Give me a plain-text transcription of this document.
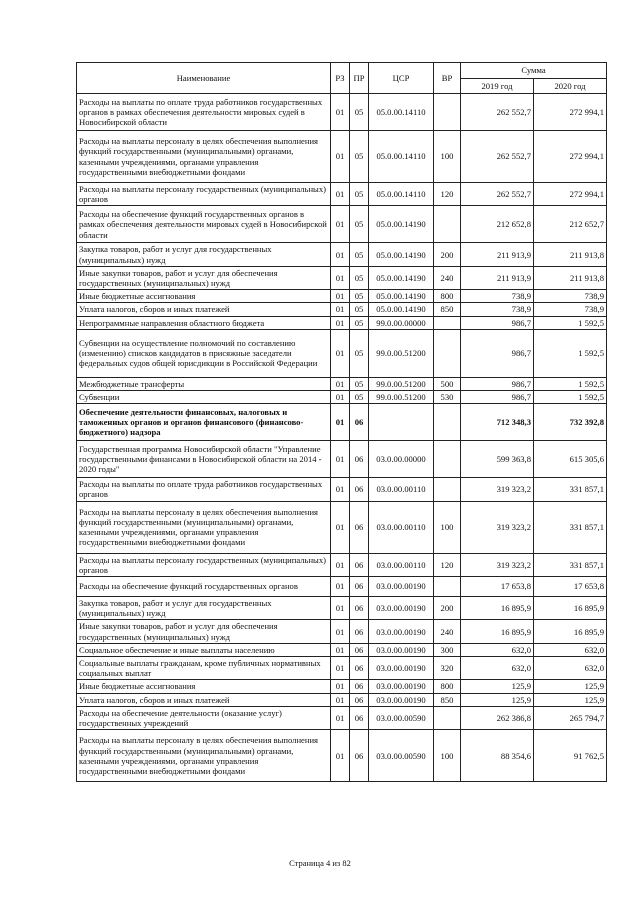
Наименование	РЗ	ПР	ЦСР	ВР	Сумма	
					2019 год	2020 год
Расходы на выплаты по оплате труда работников государственных органов в рамках обеспечения деятельности мировых судей в Новосибирской области	01	05	05.0.00.14110		262 552,7	272 994,1
Расходы на выплаты персоналу в целях обеспечения выполнения функций государственными (муниципальными) органами, казенными учреждениями, органами управления государственными внебюджетными фондами	01	05	05.0.00.14110	100	262 552,7	272 994,1
Расходы на выплаты персоналу государственных (муниципальных) органов	01	05	05.0.00.14110	120	262 552,7	272 994,1
Расходы на обеспечение функций государственных органов в рамках обеспечения деятельности мировых судей в Новосибирской области	01	05	05.0.00.14190		212 652,8	212 652,7
Закупка товаров, работ и услуг для государственных (муниципальных) нужд	01	05	05.0.00.14190	200	211 913,9	211 913,8
Иные закупки товаров, работ и услуг для обеспечения государственных (муниципальных) нужд	01	05	05.0.00.14190	240	211 913,9	211 913,8
Иные бюджетные ассигнования	01	05	05.0.00.14190	800	738,9	738,9
Уплата налогов, сборов и иных платежей	01	05	05.0.00.14190	850	738,9	738,9
Непрограммные направления областного бюджета	01	05	99.0.00.00000		986,7	1 592,5
Субвенции на осуществление полномочий по составлению (изменению) списков кандидатов в присяжные заседатели федеральных судов общей юрисдикции в Российской Федерации	01	05	99.0.00.51200		986,7	1 592,5
Межбюджетные трансферты	01	05	99.0.00.51200	500	986,7	1 592,5
Субвенции	01	05	99.0.00.51200	530	986,7	1 592,5
Обеспечение деятельности финансовых, налоговых и таможенных органов и органов финансового (финансово-бюджетного) надзора	01	06			712 348,3	732 392,8
Государственная программа Новосибирской области "Управление государственными финансами в Новосибирской области на 2014 - 2020 годы"	01	06	03.0.00.00000		599 363,8	615 305,6
Расходы на выплаты по оплате труда работников государственных органов	01	06	03.0.00.00110		319 323,2	331 857,1
Расходы на выплаты персоналу в целях обеспечения выполнения функций государственными (муниципальными) органами, казенными учреждениями, органами управления государственными внебюджетными фондами	01	06	03.0.00.00110	100	319 323,2	331 857,1
Расходы на выплаты персоналу государственных (муниципальных) органов	01	06	03.0.00.00110	120	319 323,2	331 857,1
Расходы на обеспечение функций государственных органов	01	06	03.0.00.00190		17 653,8	17 653,8
Закупка товаров, работ и услуг для государственных (муниципальных) нужд	01	06	03.0.00.00190	200	16 895,9	16 895,9
Иные закупки товаров, работ и услуг для обеспечения государственных (муниципальных) нужд	01	06	03.0.00.00190	240	16 895,9	16 895,9
Социальное обеспечение и иные выплаты населению	01	06	03.0.00.00190	300	632,0	632,0
Социальные выплаты гражданам, кроме публичных нормативных социальных выплат	01	06	03.0.00.00190	320	632,0	632,0
Иные бюджетные ассигнования	01	06	03.0.00.00190	800	125,9	125,9
Уплата налогов, сборов и иных платежей	01	06	03.0.00.00190	850	125,9	125,9
Расходы на обеспечение деятельности (оказание услуг) государственных учреждений	01	06	03.0.00.00590		262 386,8	265 794,7
Расходы на выплаты персоналу в целях обеспечения выполнения функций государственными (муниципальными) органами, казенными учреждениями, органами управления государственными внебюджетными фондами	01	06	03.0.00.00590	100	88 354,6	91 762,5
Страница 4 из 82
